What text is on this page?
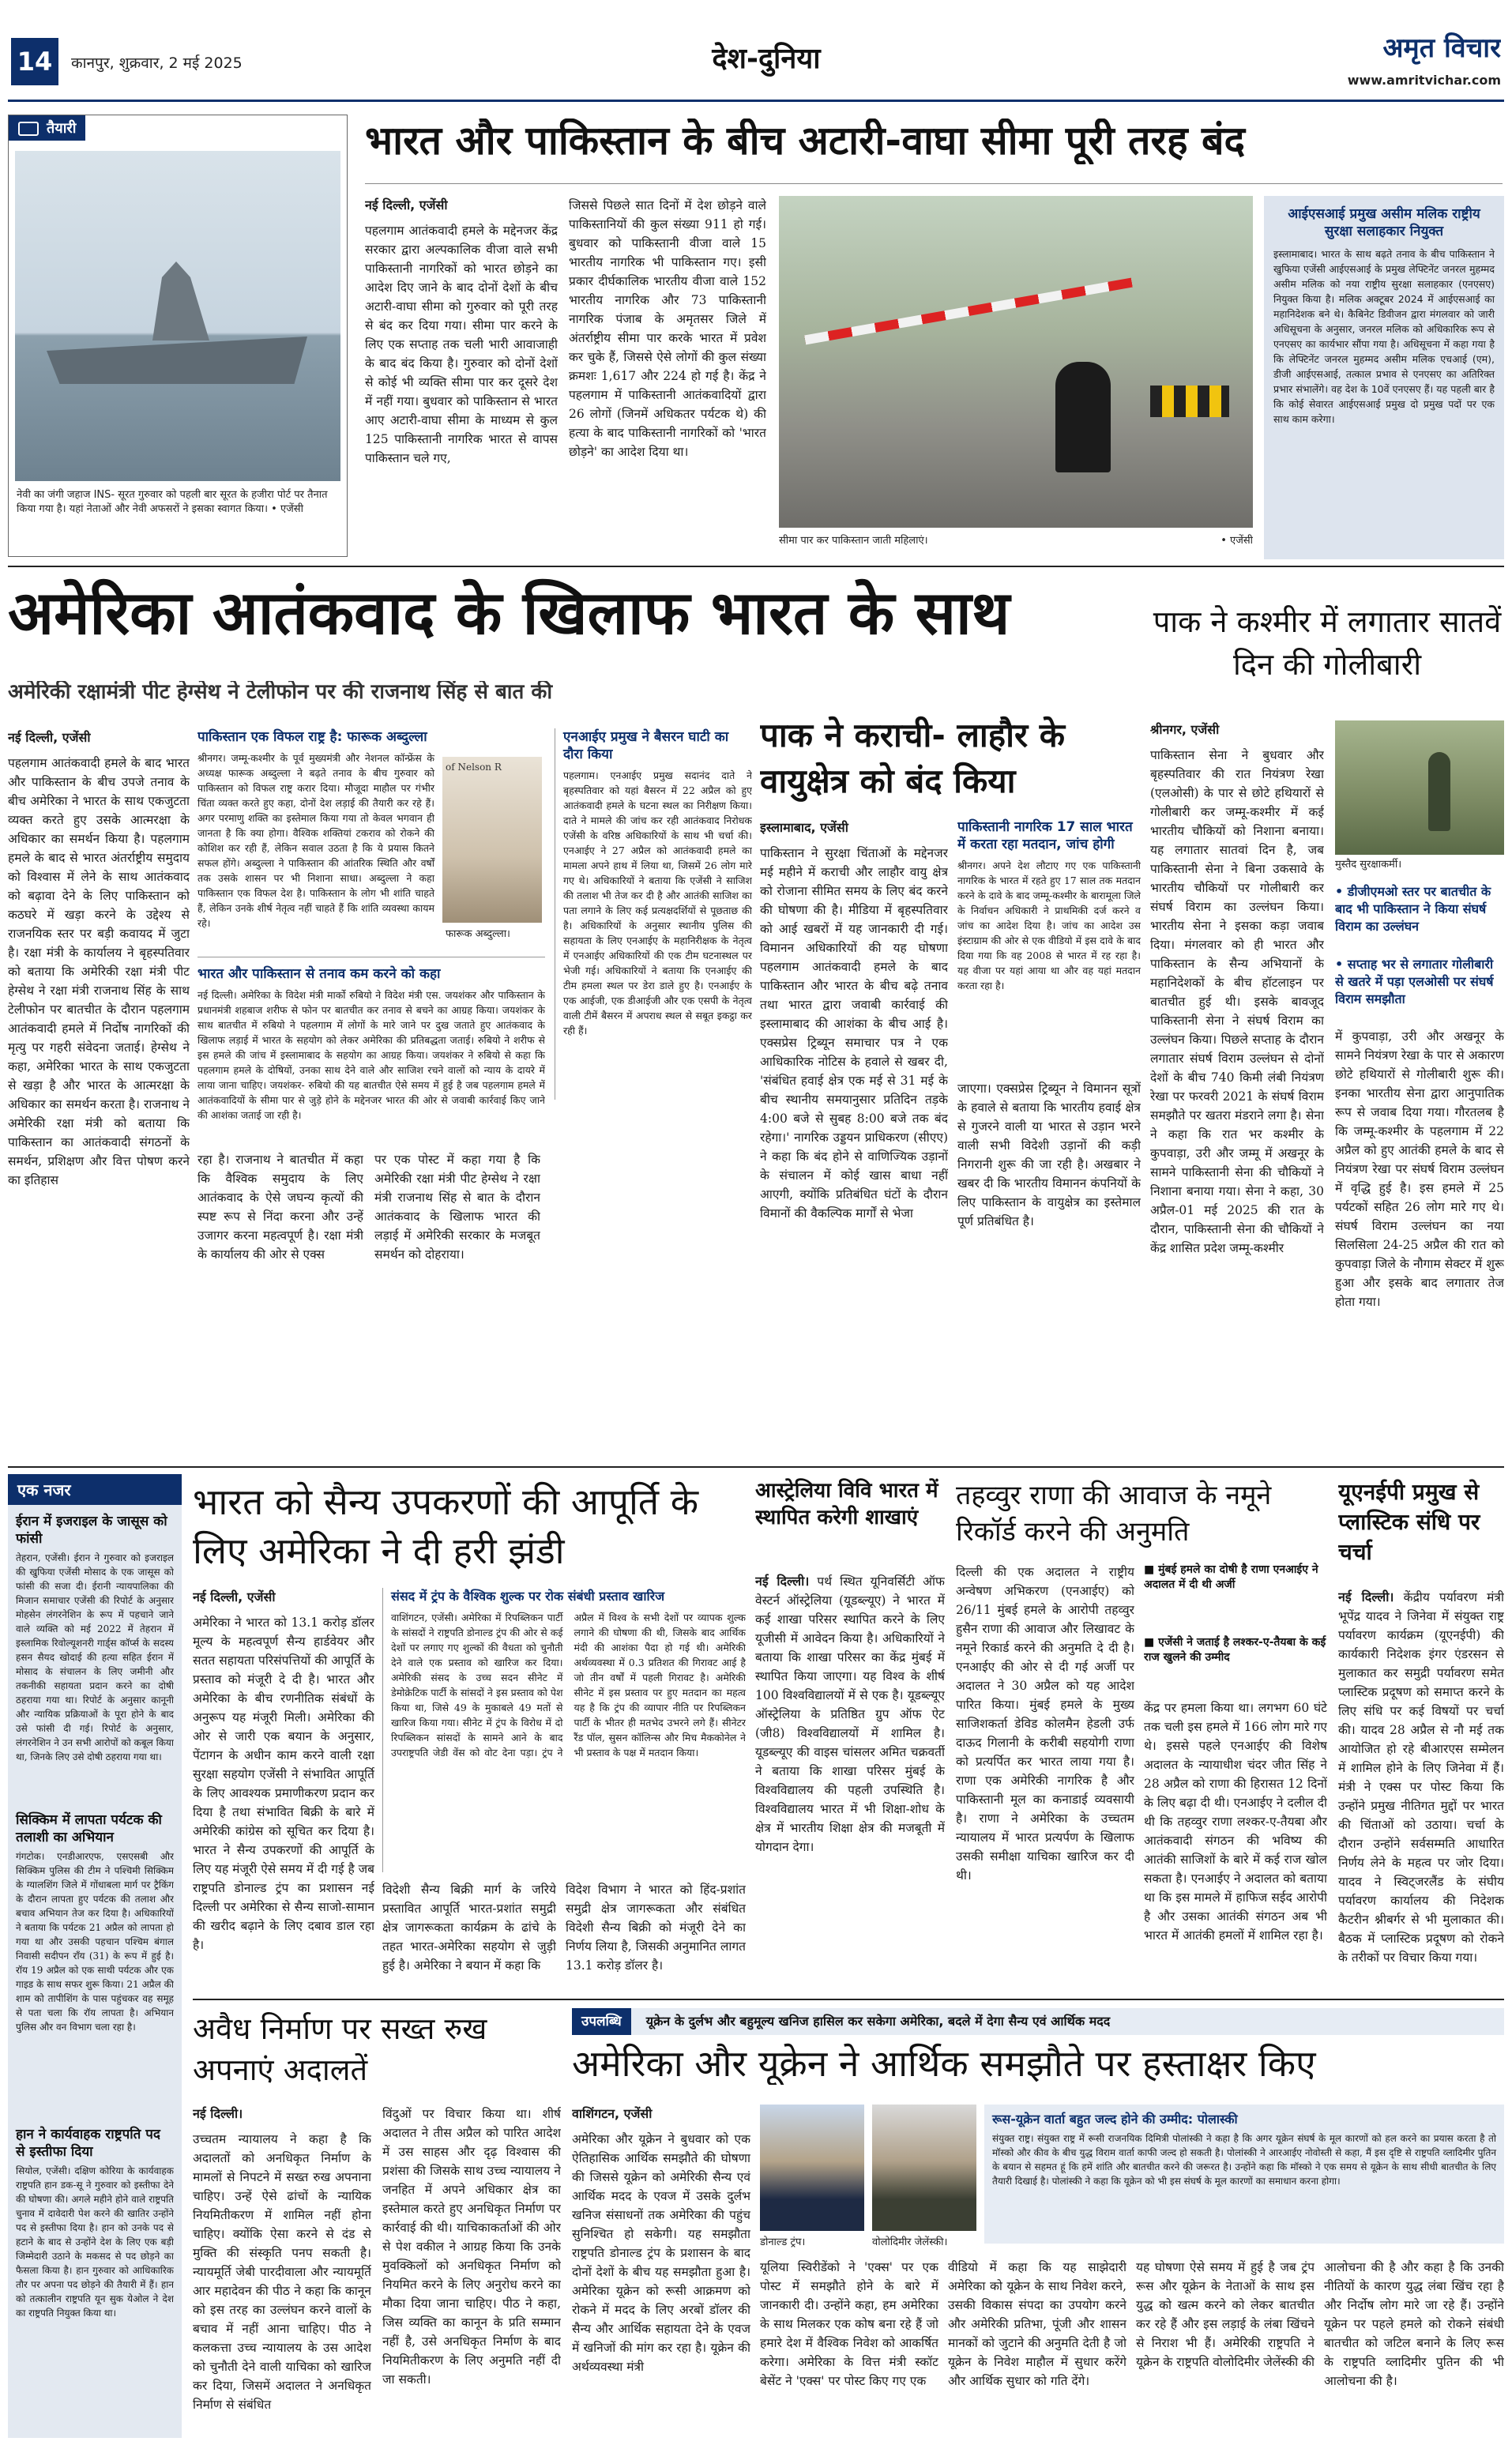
14	कानपुर, शुक्रवार, 2 मई 2025	देश-दुनिया	अमृत विचार
www.amritvichar.com
तैयारी
नेवी का जंगी जहाज INS- सूरत गुरुवार को पहली बार सूरत के हजीरा पोर्ट पर तैनात किया गया है। यहां नेताओं और नेवी अफसरों ने इसका स्वागत किया। • एजेंसी
भारत और पाकिस्तान के बीच अटारी-वाघा सीमा पूरी तरह बंद
नई दिल्ली, एजेंसी
पहलगाम आतंकवादी हमले के मद्देनजर केंद्र सरकार द्वारा अल्पकालिक वीजा वाले सभी पाकिस्तानी नागरिकों को भारत छोड़ने का आदेश दिए जाने के बाद दोनों देशों के बीच अटारी-वाघा सीमा को गुरुवार को पूरी तरह से बंद कर दिया गया। सीमा पार करने के लिए एक सप्ताह तक चली भारी आवाजाही के बाद बंद किया है। गुरुवार को दोनों देशों से कोई भी व्यक्ति सीमा पार कर दूसरे देश में नहीं गया। बुधवार को पाकिस्तान से भारत आए अटारी-वाघा सीमा के माध्यम से कुल 125 पाकिस्तानी नागरिक भारत से वापस पाकिस्तान चले गए,
जिससे पिछले सात दिनों में देश छोड़ने वाले पाकिस्तानियों की कुल संख्या 911 हो गई। बुधवार को पाकिस्तानी वीजा वाले 15 भारतीय नागरिक भी पाकिस्तान गए। इसी प्रकार दीर्घकालिक भारतीय वीजा वाले 152 भारतीय नागरिक और 73 पाकिस्तानी नागरिक पंजाब के अमृतसर जिले में अंतर्राष्ट्रीय सीमा पार करके भारत में प्रवेश कर चुके हैं, जिससे ऐसे लोगों की कुल संख्या क्रमशः 1,617 और 224 हो गई है। केंद्र ने पहलगाम में पाकिस्तानी आतंकवादियों द्वारा 26 लोगों (जिनमें अधिकतर पर्यटक थे) की हत्या के बाद पाकिस्तानी नागरिकों को 'भारत छोड़ने' का आदेश दिया था।
सीमा पार कर पाकिस्तान जाती महिलाएं।	• एजेंसी
आईएसआई प्रमुख असीम मलिक राष्ट्रीय सुरक्षा सलाहकार नियुक्त
इस्लामाबाद। भारत के साथ बढ़ते तनाव के बीच पाकिस्तान ने खुफिया एजेंसी आईएसआई के प्रमुख लेफ्टिनेंट जनरल मुहम्मद असीम मलिक को नया राष्ट्रीय सुरक्षा सलाहकार (एनएसए) नियुक्त किया है। मलिक अक्टूबर 2024 में आईएसआई का महानिदेशक बने थे। कैबिनेट डिवीजन द्वारा मंगलवार को जारी अधिसूचना के अनुसार, जनरल मलिक को अधिकारिक रूप से एनएसए का कार्यभार सौंपा गया है। अधिसूचना में कहा गया है कि लेफ्टिनेंट जनरल मुहम्मद असीम मलिक एचआई (एम), डीजी आईएसआई, तत्काल प्रभाव से एनएसए का अतिरिक्त प्रभार संभालेंगे। वह देश के 10वें एनएसए हैं। यह पहली बार है कि कोई सेवारत आईएसआई प्रमुख दो प्रमुख पदों पर एक साथ काम करेगा।
अमेरिका आतंकवाद के खिलाफ भारत के साथ
अमेरिकी रक्षामंत्री पीट हेग्सेथ ने टेलीफोन पर की राजनाथ सिंह से बात की
नई दिल्ली, एजेंसी
पहलगाम आतंकवादी हमले के बाद भारत और पाकिस्तान के बीच उपजे तनाव के बीच अमेरिका ने भारत के साथ एकजुटता व्यक्त करते हुए उसके आत्मरक्षा के अधिकार का समर्थन किया है। पहलगाम हमले के बाद से भारत अंतर्राष्ट्रीय समुदाय को विश्वास में लेने के साथ आतंकवाद को बढ़ावा देने के लिए पाकिस्तान को कठघरे में खड़ा करने के उद्देश्य से राजनयिक स्तर पर बड़ी कवायद में जुटा है। रक्षा मंत्री के कार्यालय ने बृहस्पतिवार को बताया कि अमेरिकी रक्षा मंत्री पीट हेग्सेथ ने रक्षा मंत्री राजनाथ सिंह के साथ टेलीफोन पर बातचीत के दौरान पहलगाम आतंकवादी हमले में निर्दोष नागरिकों की मृत्यु पर गहरी संवेदना जताई। हेग्सेथ ने कहा, अमेरिका भारत के साथ एकजुटता से खड़ा है और भारत के आत्मरक्षा के अधिकार का समर्थन करता है। राजनाथ ने अमेरिकी रक्षा मंत्री को बताया कि पाकिस्तान का आतंकवादी संगठनों के समर्थन, प्रशिक्षण और वित्त पोषण करने का इतिहास
पाकिस्तान एक विफल राष्ट्र है: फारूक अब्दुल्ला
श्रीनगर। जम्मू-कश्मीर के पूर्व मुख्यमंत्री और नेशनल कॉन्फ्रेंस के अध्यक्ष फारूक अब्दुल्ला ने बढ़ते तनाव के बीच गुरुवार को पाकिस्तान को विफल राष्ट्र करार दिया। मौजूदा माहौल पर गंभीर चिंता व्यक्त करते हुए कहा, दोनों देश लड़ाई की तैयारी कर रहे हैं। अगर परमाणु शक्ति का इस्तेमाल किया गया तो केवल भगवान ही जानता है कि क्या होगा। वैश्विक शक्तियां टकराव को रोकने की कोशिश कर रही हैं, लेकिन सवाल उठता है कि ये प्रयास कितने सफल होंगे। अब्दुल्ला ने पाकिस्तान की आंतरिक स्थिति और वर्षों तक उसके शासन पर भी निशाना साधा। अब्दुल्ला ने कहा पाकिस्तान एक विफल देश है। पाकिस्तान के लोग भी शांति चाहते हैं, लेकिन उनके शीर्ष नेतृत्व नहीं चाहते हैं कि शांति व्यवस्था कायम रहे।
of Nelson R
फारूक अब्दुल्ला।
एनआईए प्रमुख ने बैसरन घाटी का दौरा किया
पहलगाम। एनआईए प्रमुख सदानंद दाते ने बृहस्पतिवार को यहां बैसरन में 22 अप्रैल को हुए आतंकवादी हमले के घटना स्थल का निरीक्षण किया। दाते ने मामले की जांच कर रही आतंकवाद निरोधक एजेंसी के वरिष्ठ अधिकारियों के साथ भी चर्चा की। एनआईए ने 27 अप्रैल को आतंकवादी हमले का मामला अपने हाथ में लिया था, जिसमें 26 लोग मारे गए थे। अधिकारियों ने बताया कि एजेंसी ने साजिश की तलाश भी तेज कर दी है और आतंकी साजिश का पता लगाने के लिए कई प्रत्यक्षदर्शियों से पूछताछ की है। अधिकारियों के अनुसार स्थानीय पुलिस की सहायता के लिए एनआईए के महानिरीक्षक के नेतृत्व में एनआईए अधिकारियों की एक टीम घटनास्थल पर भेजी गई। अधिकारियों ने बताया कि एनआईए की टीम हमला स्थल पर डेरा डाले हुए है। एनआईए के एक आईजी, एक डीआईजी और एक एसपी के नेतृत्व वाली टीमें बैसरन में अपराध स्थल से सबूत इकट्ठा कर रही हैं।
भारत और पाकिस्तान से तनाव कम करने को कहा
नई दिल्ली। अमेरिका के विदेश मंत्री मार्को रुबियो ने विदेश मंत्री एस. जयशंकर और पाकिस्तान के प्रधानमंत्री शहबाज शरीफ से फोन पर बातचीत कर तनाव से बचने का आग्रह किया। जयशंकर के साथ बातचीत में रुबियो ने पहलगाम में लोगों के मारे जाने पर दुख जताते हुए आतंकवाद के खिलाफ लड़ाई में भारत के सहयोग को लेकर अमेरिका की प्रतिबद्धता जताई। रुबियो ने शरीफ से इस हमले की जांच में इस्लामाबाद के सहयोग का आग्रह किया। जयशंकर ने रुबियो से कहा कि पहलगाम हमले के दोषियों, उनका साथ देने वाले और साजिश रचने वालों को न्याय के दायरे में लाया जाना चाहिए। जयशंकर- रुबियो की यह बातचीत ऐसे समय में हुई है जब पहलगाम हमले में आतंकवादियों के सीमा पार से जुड़े होने के मद्देनजर भारत की ओर से जवाबी कार्रवाई किए जाने की आशंका जताई जा रही है।
रहा है। राजनाथ ने बातचीत में कहा कि वैश्विक समुदाय के लिए आतंकवाद के ऐसे जघन्य कृत्यों की स्पष्ट रूप से निंदा करना और उन्हें उजागर करना महत्वपूर्ण है। रक्षा मंत्री के कार्यालय की ओर से एक्स
पर एक पोस्ट में कहा गया है कि अमेरिकी रक्षा मंत्री पीट हेग्सेथ ने रक्षा मंत्री राजनाथ सिंह से बात के दौरान आतंकवाद के खिलाफ भारत की लड़ाई में अमेरिकी सरकार के मजबूत समर्थन को दोहराया।
पाक ने कराची- लाहौर के वायुक्षेत्र को बंद किया
इस्लामाबाद, एजेंसी
पाकिस्तान ने सुरक्षा चिंताओं के मद्देनजर मई महीने में कराची और लाहौर वायु क्षेत्र को रोजाना सीमित समय के लिए बंद करने की घोषणा की है। मीडिया में बृहस्पतिवार को आई खबरों में यह जानकारी दी गई। विमानन अधिकारियों की यह घोषणा पहलगाम आतंकवादी हमले के बाद पाकिस्तान और भारत के बीच बढ़े तनाव तथा भारत द्वारा जवाबी कार्रवाई की इस्लामाबाद की आशंका के बीच आई है। एक्सप्रेस ट्रिब्यून समाचार पत्र ने एक आधिकारिक नोटिस के हवाले से खबर दी, 'संबंधित हवाई क्षेत्र एक मई से 31 मई के बीच स्थानीय समयानुसार प्रतिदिन तड़के 4:00 बजे से सुबह 8:00 बजे तक बंद रहेगा।' नागरिक उड्डयन प्राधिकरण (सीएए) ने कहा कि बंद होने से वाणिज्यिक उड़ानों के संचालन में कोई खास बाधा नहीं आएगी, क्योंकि प्रतिबंधित घंटों के दौरान विमानों की वैकल्पिक मार्गों से भेजा
पाकिस्तानी नागरिक 17 साल भारत में करता रहा मतदान, जांच होगी
श्रीनगर। अपने देश लौटाए गए एक पाकिस्तानी नागरिक के भारत में रहते हुए 17 साल तक मतदान करने के दावे के बाद जम्मू-कश्मीर के बारामूला जिले के निर्वाचन अधिकारी ने प्राथमिकी दर्ज करने व जांच का आदेश दिया है। जांच का आदेश उस इंस्टाग्राम की ओर से एक वीडियो में इस दावे के बाद दिया गया कि वह 2008 से भारत में रह रहा है। यह वीजा पर यहां आया था और वह यहां मतदान करता रहा है।
जाएगा। एक्सप्रेस ट्रिब्यून ने विमानन सूत्रों के हवाले से बताया कि भारतीय हवाई क्षेत्र से गुजरने वाली या भारत से उड़ान भरने वाली सभी विदेशी उड़ानों की कड़ी निगरानी शुरू की जा रही है। अखबार ने खबर दी कि भारतीय विमानन कंपनियों के लिए पाकिस्तान के वायुक्षेत्र का इस्तेमाल पूर्ण प्रतिबंधित है।
पाक ने कश्मीर में लगातार सातवें दिन की गोलीबारी
श्रीनगर, एजेंसी
पाकिस्तान सेना ने बुधवार और बृहस्पतिवार की रात नियंत्रण रेखा (एलओसी) के पार से छोटे हथियारों से गोलीबारी कर जम्मू-कश्मीर में कई भारतीय चौकियों को निशाना बनाया। यह लगातार सातवां दिन है, जब पाकिस्तानी सेना ने बिना उकसावे के भारतीय चौकियों पर गोलीबारी कर संघर्ष विराम का उल्लंघन किया। भारतीय सेना ने इसका कड़ा जवाब दिया। मंगलवार को ही भारत और पाकिस्तान के सैन्य अभियानों के महानिदेशकों के बीच हॉटलाइन पर बातचीत हुई थी। इसके बावजूद पाकिस्तानी सेना ने संघर्ष विराम का उल्लंघन किया। पिछले सप्ताह के दौरान लगातार संघर्ष विराम उल्लंघन से दोनों देशों के बीच 740 किमी लंबी नियंत्रण रेखा पर फरवरी 2021 के संघर्ष विराम समझौते पर खतरा मंडराने लगा है। सेना ने कहा कि रात भर कश्मीर के कुपवाड़ा, उरी और जम्मू में अखनूर के सामने पाकिस्तानी सेना की चौकियों ने निशाना बनाया गया। सेना ने कहा, 30 अप्रैल-01 मई 2025 की रात के दौरान, पाकिस्तानी सेना की चौकियों ने केंद्र शासित प्रदेश जम्मू-कश्मीर
मुस्तैद सुरक्षाकर्मी।
• डीजीएमओ स्तर पर बातचीत के बाद भी पाकिस्तान ने किया संघर्ष विराम का उल्लंघन
• सप्ताह भर से लगातार गोलीबारी से खतरे में पड़ा एलओसी पर संघर्ष विराम समझौता
में कुपवाड़ा, उरी और अखनूर के सामने नियंत्रण रेखा के पार से अकारण छोटे हथियारों से गोलीबारी शुरू की। इनका भारतीय सेना द्वारा आनुपातिक रूप से जवाब दिया गया। गौरतलब है कि जम्मू-कश्मीर के पहलगाम में 22 अप्रैल को हुए आतंकी हमले के बाद से नियंत्रण रेखा पर संघर्ष विराम उल्लंघन में वृद्धि हुई है। इस हमले में 25 पर्यटकों सहित 26 लोग मारे गए थे। संघर्ष विराम उल्लंघन का नया सिलसिला 24-25 अप्रैल की रात को कुपवाड़ा जिले के नौगाम सेक्टर में शुरू हुआ और इसके बाद लगातार तेज होता गया।
एक नजर
ईरान में इजराइल के जासूस को फांसी
तेहरान, एजेंसी। ईरान ने गुरुवार को इजराइल की खुफिया एजेंसी मोसाद के एक जासूस को फांसी की सजा दी। ईरानी न्यायपालिका की मिजान समाचार एजेंसी की रिपोर्ट के अनुसार मोहसेन लंगरनेशिन के रूप में पहचाने जाने वाले व्यक्ति को मई 2022 में तेहरान में इस्लामिक रिवोल्यूशनरी गार्ड्स कॉर्प्स के सदस्य हसन सैयद खोदाई की हत्या सहित ईरान में मोसाद के संचालन के लिए जमीनी और तकनीकी सहायता प्रदान करने का दोषी ठहराया गया था। रिपोर्ट के अनुसार कानूनी और न्यायिक प्रक्रियाओं के पूरा होने के बाद उसे फांसी दी गई। रिपोर्ट के अनुसार, लंगरनेशिन ने उन सभी आरोपों को कबूल किया था, जिनके लिए उसे दोषी ठहराया गया था।
सिक्किम में लापता पर्यटक की तलाशी का अभियान
गंगटोक। एनडीआरएफ, एसएसबी और सिक्किम पुलिस की टीम ने पश्चिमी सिक्किम के ग्यालशिंग जिले में गोंधाबला मार्ग पर ट्रैकिंग के दौरान लापता हुए पर्यटक की तलाश और बचाव अभियान तेज कर दिया है। अधिकारियों ने बताया कि पर्यटक 21 अप्रैल को लापता हो गया था और उसकी पहचान पश्चिम बंगाल निवासी सदीपन राँय (31) के रूप में हुई है। रॉय 19 अप्रैल को एक साथी पर्यटक और एक गाइड के साथ सफर शुरू किया। 21 अप्रैल की शाम को तापीशिंग के पास पहुंचकर वह समूह से पता चला कि रॉय लापता है। अभियान पुलिस और वन विभाग चला रहा है।
हान ने कार्यवाहक राष्ट्रपति पद से इस्तीफा दिया
सियोल, एजेंसी। दक्षिण कोरिया के कार्यवाहक राष्ट्रपति हान डक-सू ने गुरुवार को इस्तीफा देने की घोषणा की। अगले महीने होने वाले राष्ट्रपति चुनाव में दावेदारी पेश करने की खातिर उन्होंने पद से इस्तीफा दिया है। हान को उनके पद से हटाने के बाद से उन्होंने देश के लिए एक बड़ी जिम्मेदारी उठाने के मकसद से पद छोड़ने का फैसला किया है। हान गुरुवार को आधिकारिक तौर पर अपना पद छोड़ने की तैयारी में हैं। हान को तत्कालीन राष्ट्रपति यून सुक येओल ने देश का राष्ट्रपति नियुक्त किया था।
भारत को सैन्य उपकरणों की आपूर्ति के लिए अमेरिका ने दी हरी झंडी
नई दिल्ली, एजेंसी
अमेरिका ने भारत को 13.1 करोड़ डॉलर मूल्य के महत्वपूर्ण सैन्य हार्डवेयर और सतत सहायता परिसंपत्तियों की आपूर्ति के प्रस्ताव को मंजूरी दे दी है। भारत और अमेरिका के बीच रणनीतिक संबंधों के अनुरूप यह मंजूरी मिली। अमेरिका की ओर से जारी एक बयान के अनुसार, पेंटागन के अधीन काम करने वाली रक्षा सुरक्षा सहयोग एजेंसी ने संभावित आपूर्ति के लिए आवश्यक प्रमाणीकरण प्रदान कर दिया है तथा संभावित बिक्री के बारे में अमेरिकी कांग्रेस को सूचित कर दिया है। भारत ने सैन्य उपकरणों की आपूर्ति के लिए यह मंजूरी ऐसे समय में दी गई है जब राष्ट्रपति डोनाल्ड ट्रंप का प्रशासन नई दिल्ली पर अमेरिका से सैन्य साजो-सामान की खरीद बढ़ाने के लिए दबाव डाल रहा है।
संसद में ट्रंप के वैश्विक शुल्क पर रोक संबंधी प्रस्ताव खारिज
वाशिंगटन, एजेंसी। अमेरिका में रिपब्लिकन पार्टी के सांसदों ने राष्ट्रपति डोनाल्ड ट्रंप की ओर से कई देशों पर लगाए गए शुल्कों की वैधता को चुनौती देने वाले एक प्रस्ताव को खारिज कर दिया। अमेरिकी संसद के उच्च सदन सीनेट में डेमोक्रेटिक पार्टी के सांसदों ने इस प्रस्ताव को पेश किया था, जिसे 49 के मुकाबले 49 मतों से खारिज किया गया। सीनेट में ट्रंप के विरोध में दो रिपब्लिकन सांसदों के सामने आने के बाद उपराष्ट्रपति जेडी वेंस को वोट देना पड़ा। ट्रंप ने अप्रैल में विश्व के सभी देशों पर व्यापक शुल्क लगाने की घोषणा की थी, जिसके बाद आर्थिक मंदी की आशंका पैदा हो गई थी। अमेरिकी अर्थव्यवस्था में 0.3 प्रतिशत की गिरावट आई है जो तीन वर्षों में पहली गिरावट है। अमेरिकी सीनेट में इस प्रस्ताव पर हुए मतदान का महत्व यह है कि ट्रंप की व्यापार नीति पर रिपब्लिकन पार्टी के भीतर ही मतभेद उभरने लगे हैं। सीनेटर रैंड पॉल, सुसन कॉलिन्स और मिच मैककोनेल ने भी प्रस्ताव के पक्ष में मतदान किया।
विदेशी सैन्य बिक्री मार्ग के जरिये प्रस्तावित आपूर्ति भारत-प्रशांत समुद्री क्षेत्र जागरूकता कार्यक्रम के ढांचे के तहत भारत-अमेरिका सहयोग से जुड़ी हुई है। अमेरिका ने बयान में कहा कि
विदेश विभाग ने भारत को हिंद-प्रशांत समुद्री क्षेत्र जागरूकता और संबंधित विदेशी सैन्य बिक्री को मंजूरी देने का निर्णय लिया है, जिसकी अनुमानित लागत 13.1 करोड़ डॉलर है।
आस्ट्रेलिया विवि भारत में स्थापित करेगी शाखाएं
नई दिल्ली। पर्थ स्थित यूनिवर्सिटी ऑफ वेस्टर्न ऑस्ट्रेलिया (यूडब्ल्यूए) ने भारत में कई शाखा परिसर स्थापित करने के लिए यूजीसी में आवेदन किया है। अधिकारियों ने बताया कि शाखा परिसर का केंद्र मुंबई में स्थापित किया जाएगा। यह विश्व के शीर्ष 100 विश्वविद्यालयों में से एक है। यूडब्ल्यूए ऑस्ट्रेलिया के प्रतिष्ठित ग्रुप ऑफ ऐट (जी8) विश्वविद्यालयों में शामिल है। यूडब्ल्यूए की वाइस चांसलर अमित चक्रवर्ती ने बताया कि शाखा परिसर मुंबई के विश्वविद्यालय की पहली उपस्थिति है। विश्वविद्यालय भारत में भी शिक्षा-शोध के क्षेत्र में भारतीय शिक्षा क्षेत्र की मजबूती में योगदान देगा।
तहव्वुर राणा की आवाज के नमूने रिकॉर्ड करने की अनुमति
■ मुंबई हमले का दोषी है राणा एनआईए ने अदालत में दी थी अर्जी
■ एजेंसी ने जताई है लश्कर-ए-तैयबा के कई राज खुलने की उम्मीद
दिल्ली की एक अदालत ने राष्ट्रीय अन्वेषण अभिकरण (एनआईए) को 26/11 मुंबई हमले के आरोपी तहव्वुर हुसैन राणा की आवाज और लिखावट के नमूने रिकार्ड करने की अनुमति दे दी है। एनआईए की ओर से दी गई अर्जी पर अदालत ने 30 अप्रैल को यह आदेश पारित किया। मुंबई हमले के मुख्य साजिशकर्ता डेविड कोलमैन हेडली उर्फ दाऊद गिलानी के करीबी सहयोगी राणा को प्रत्यर्पित कर भारत लाया गया है। राणा एक अमेरिकी नागरिक है और पाकिस्तानी मूल का कनाडाई व्यवसायी है। राणा ने अमेरिका के उच्चतम न्यायालय में भारत प्रत्यर्पण के खिलाफ उसकी समीक्षा याचिका खारिज कर दी थी।
केंद्र पर हमला किया था। लगभग 60 घंटे तक चली इस हमले में 166 लोग मारे गए थे। इससे पहले एनआईए की विशेष अदालत के न्यायाधीश चंदर जीत सिंह ने 28 अप्रैल को राणा की हिरासत 12 दिनों के लिए बढ़ा दी थी। एनआईए ने दलील दी थी कि तहव्वुर राणा लश्कर-ए-तैयबा और आतंकवादी संगठन की भविष्य की आतंकी साजिशों के बारे में कई राज खोल सकता है। एनआईए ने अदालत को बताया था कि इस मामले में हाफिज सईद आरोपी है और उसका आतंकी संगठन अब भी भारत में आतंकी हमलों में शामिल रहा है।
यूएनईपी प्रमुख से प्लास्टिक संधि पर चर्चा
नई दिल्ली। केंद्रीय पर्यावरण मंत्री भूपेंद्र यादव ने जिनेवा में संयुक्त राष्ट्र पर्यावरण कार्यक्रम (यूएनईपी) की कार्यकारी निदेशक इंगर एंडरसन से मुलाकात कर समुद्री पर्यावरण समेत प्लास्टिक प्रदूषण को समाप्त करने के लिए संधि पर कई विषयों पर चर्चा की। यादव 28 अप्रैल से नौ मई तक आयोजित हो रहे बीआरएस सम्मेलन में शामिल होने के लिए जिनेवा में हैं। मंत्री ने एक्स पर पोस्ट किया कि उन्होंने प्रमुख नीतिगत मुद्दों पर भारत की चिंताओं को उठाया। चर्चा के दौरान उन्होंने सर्वसम्मति आधारित निर्णय लेने के महत्व पर जोर दिया। यादव ने स्विट्जरलैंड के संघीय पर्यावरण कार्यालय की निदेशक कैटरीन श्नीबर्गर से भी मुलाकात की। बैठक में प्लास्टिक प्रदूषण को रोकने के तरीकों पर विचार किया गया।
अवैध निर्माण पर सख्त रुख अपनाएं अदालतें
नई दिल्ली।
उच्चतम न्यायालय ने कहा है कि अदालतों को अनधिकृत निर्माण के मामलों से निपटने में सख्त रुख अपनाना चाहिए। उन्हें ऐसे ढांचों के न्यायिक नियमितीकरण में शामिल नहीं होना चाहिए। क्योंकि ऐसा करने से दंड से मुक्ति की संस्कृति पनप सकती है। न्यायमूर्ति जेबी पारदीवाला और न्यायमूर्ति आर महादेवन की पीठ ने कहा कि कानून को इस तरह का उल्लंघन करने वालों के बचाव में नहीं आना चाहिए। पीठ ने कलकत्ता उच्च न्यायालय के उस आदेश को चुनौती देने वाली याचिका को खारिज कर दिया, जिसमें अदालत ने अनधिकृत निर्माण से संबंधित
विंदुओं पर विचार किया था। शीर्ष अदालत ने तीस अप्रैल को पारित आदेश में उस साहस और दृढ़ विश्वास की प्रशंसा की जिसके साथ उच्च न्यायालय ने जनहित में अपने अधिकार क्षेत्र का इस्तेमाल करते हुए अनधिकृत निर्माण पर कार्रवाई की थी। याचिकाकर्ताओं की ओर से पेश वकील ने आग्रह किया कि उनके मुवक्किलों को अनधिकृत निर्माण को नियमित करने के लिए अनुरोध करने का मौका दिया जाना चाहिए। पीठ ने कहा, जिस व्यक्ति का कानून के प्रति सम्मान नहीं है, उसे अनधिकृत निर्माण के बाद नियमितीकरण के लिए अनुमति नहीं दी जा सकती।
उपलब्धि यूक्रेन के दुर्लभ और बहुमूल्य खनिज हासिल कर सकेगा अमेरिका, बदले में देगा सैन्य एवं आर्थिक मदद
अमेरिका और यूक्रेन ने आर्थिक समझौते पर हस्ताक्षर किए
वाशिंगटन, एजेंसी
अमेरिका और यूक्रेन ने बुधवार को एक ऐतिहासिक आर्थिक समझौते की घोषणा की जिससे यूक्रेन को अमेरिकी सैन्य एवं आर्थिक मदद के एवज में उसके दुर्लभ खनिज संसाधनों तक अमेरिका की पहुंच सुनिश्चित हो सकेगी। यह समझौता राष्ट्रपति डोनाल्ड ट्रंप के प्रशासन के बाद दोनों देशों के बीच यह समझौता हुआ है। अमेरिका यूक्रेन को रूसी आक्रमण को रोकने में मदद के लिए अरबों डॉलर की सैन्य और आर्थिक सहायता देने के एवज में खनिजों की मांग कर रहा है। यूक्रेन की अर्थव्यवस्था मंत्री
डोनाल्ड ट्रंप।	वोलोदिमीर जेलेंस्की।
रूस-यूक्रेन वार्ता बहुत जल्द होने की उम्मीद: पोलास्की
संयुक्त राष्ट्र। संयुक्त राष्ट्र में रूसी राजनयिक दिमित्री पोलांस्की ने कहा है कि अगर यूक्रेन संघर्ष के मूल कारणों को हल करने का प्रयास करता है तो मॉस्को और कीव के बीच युद्ध विराम वार्ता काफी जल्द हो सकती है। पोलांस्की ने आरआईए नोवोस्ती से कहा, मैं इस दृष्टि से राष्ट्रपति व्लादिमीर पुतिन के बयान से सहमत हूं कि हमें शांति और बातचीत करने की जरूरत है। उन्होंने कहा कि मॉस्को ने एक समय से यूक्रेन के साथ सीधी बातचीत के लिए तैयारी दिखाई है। पोलांस्की ने कहा कि यूक्रेन को भी इस संघर्ष के मूल कारणों का समाधान करना होगा।
यूलिया स्विरीडेंको ने 'एक्स' पर एक पोस्ट में समझौते होने के बारे में जानकारी दी। उन्होंने कहा, हम अमेरिका के साथ मिलकर एक कोष बना रहे हैं जो हमारे देश में वैश्विक निवेश को आकर्षित करेगा। अमेरिका के वित्त मंत्री स्कॉट बेसेंट ने 'एक्स' पर पोस्ट किए गए एक
वीडियो में कहा कि यह साझेदारी अमेरिका को यूक्रेन के साथ निवेश करने, उसकी विकास संपदा का उपयोग करने और अमेरिकी प्रतिभा, पूंजी और शासन मानकों को जुटाने की अनुमति देती है जो यूक्रेन के निवेश माहौल में सुधार करेंगे और आर्थिक सुधार को गति देंगे।
यह घोषणा ऐसे समय में हुई है जब ट्रंप रूस और यूक्रेन के नेताओं के साथ इस युद्ध को खत्म करने को लेकर बातचीत कर रहे हैं और इस लड़ाई के लंबा खिंचने से निराश भी हैं। अमेरिकी राष्ट्रपति ने यूक्रेन के राष्ट्रपति वोलोदिमीर जेलेंस्की की
आलोचना की है और कहा है कि उनकी नीतियों के कारण युद्ध लंबा खिंच रहा है और निर्दोष लोग मारे जा रहे हैं। उन्होंने यूक्रेन पर पहले हमले को रोकने संबंधी बातचीत को जटिल बनाने के लिए रूस के राष्ट्रपति व्लादिमीर पुतिन की भी आलोचना की है।
